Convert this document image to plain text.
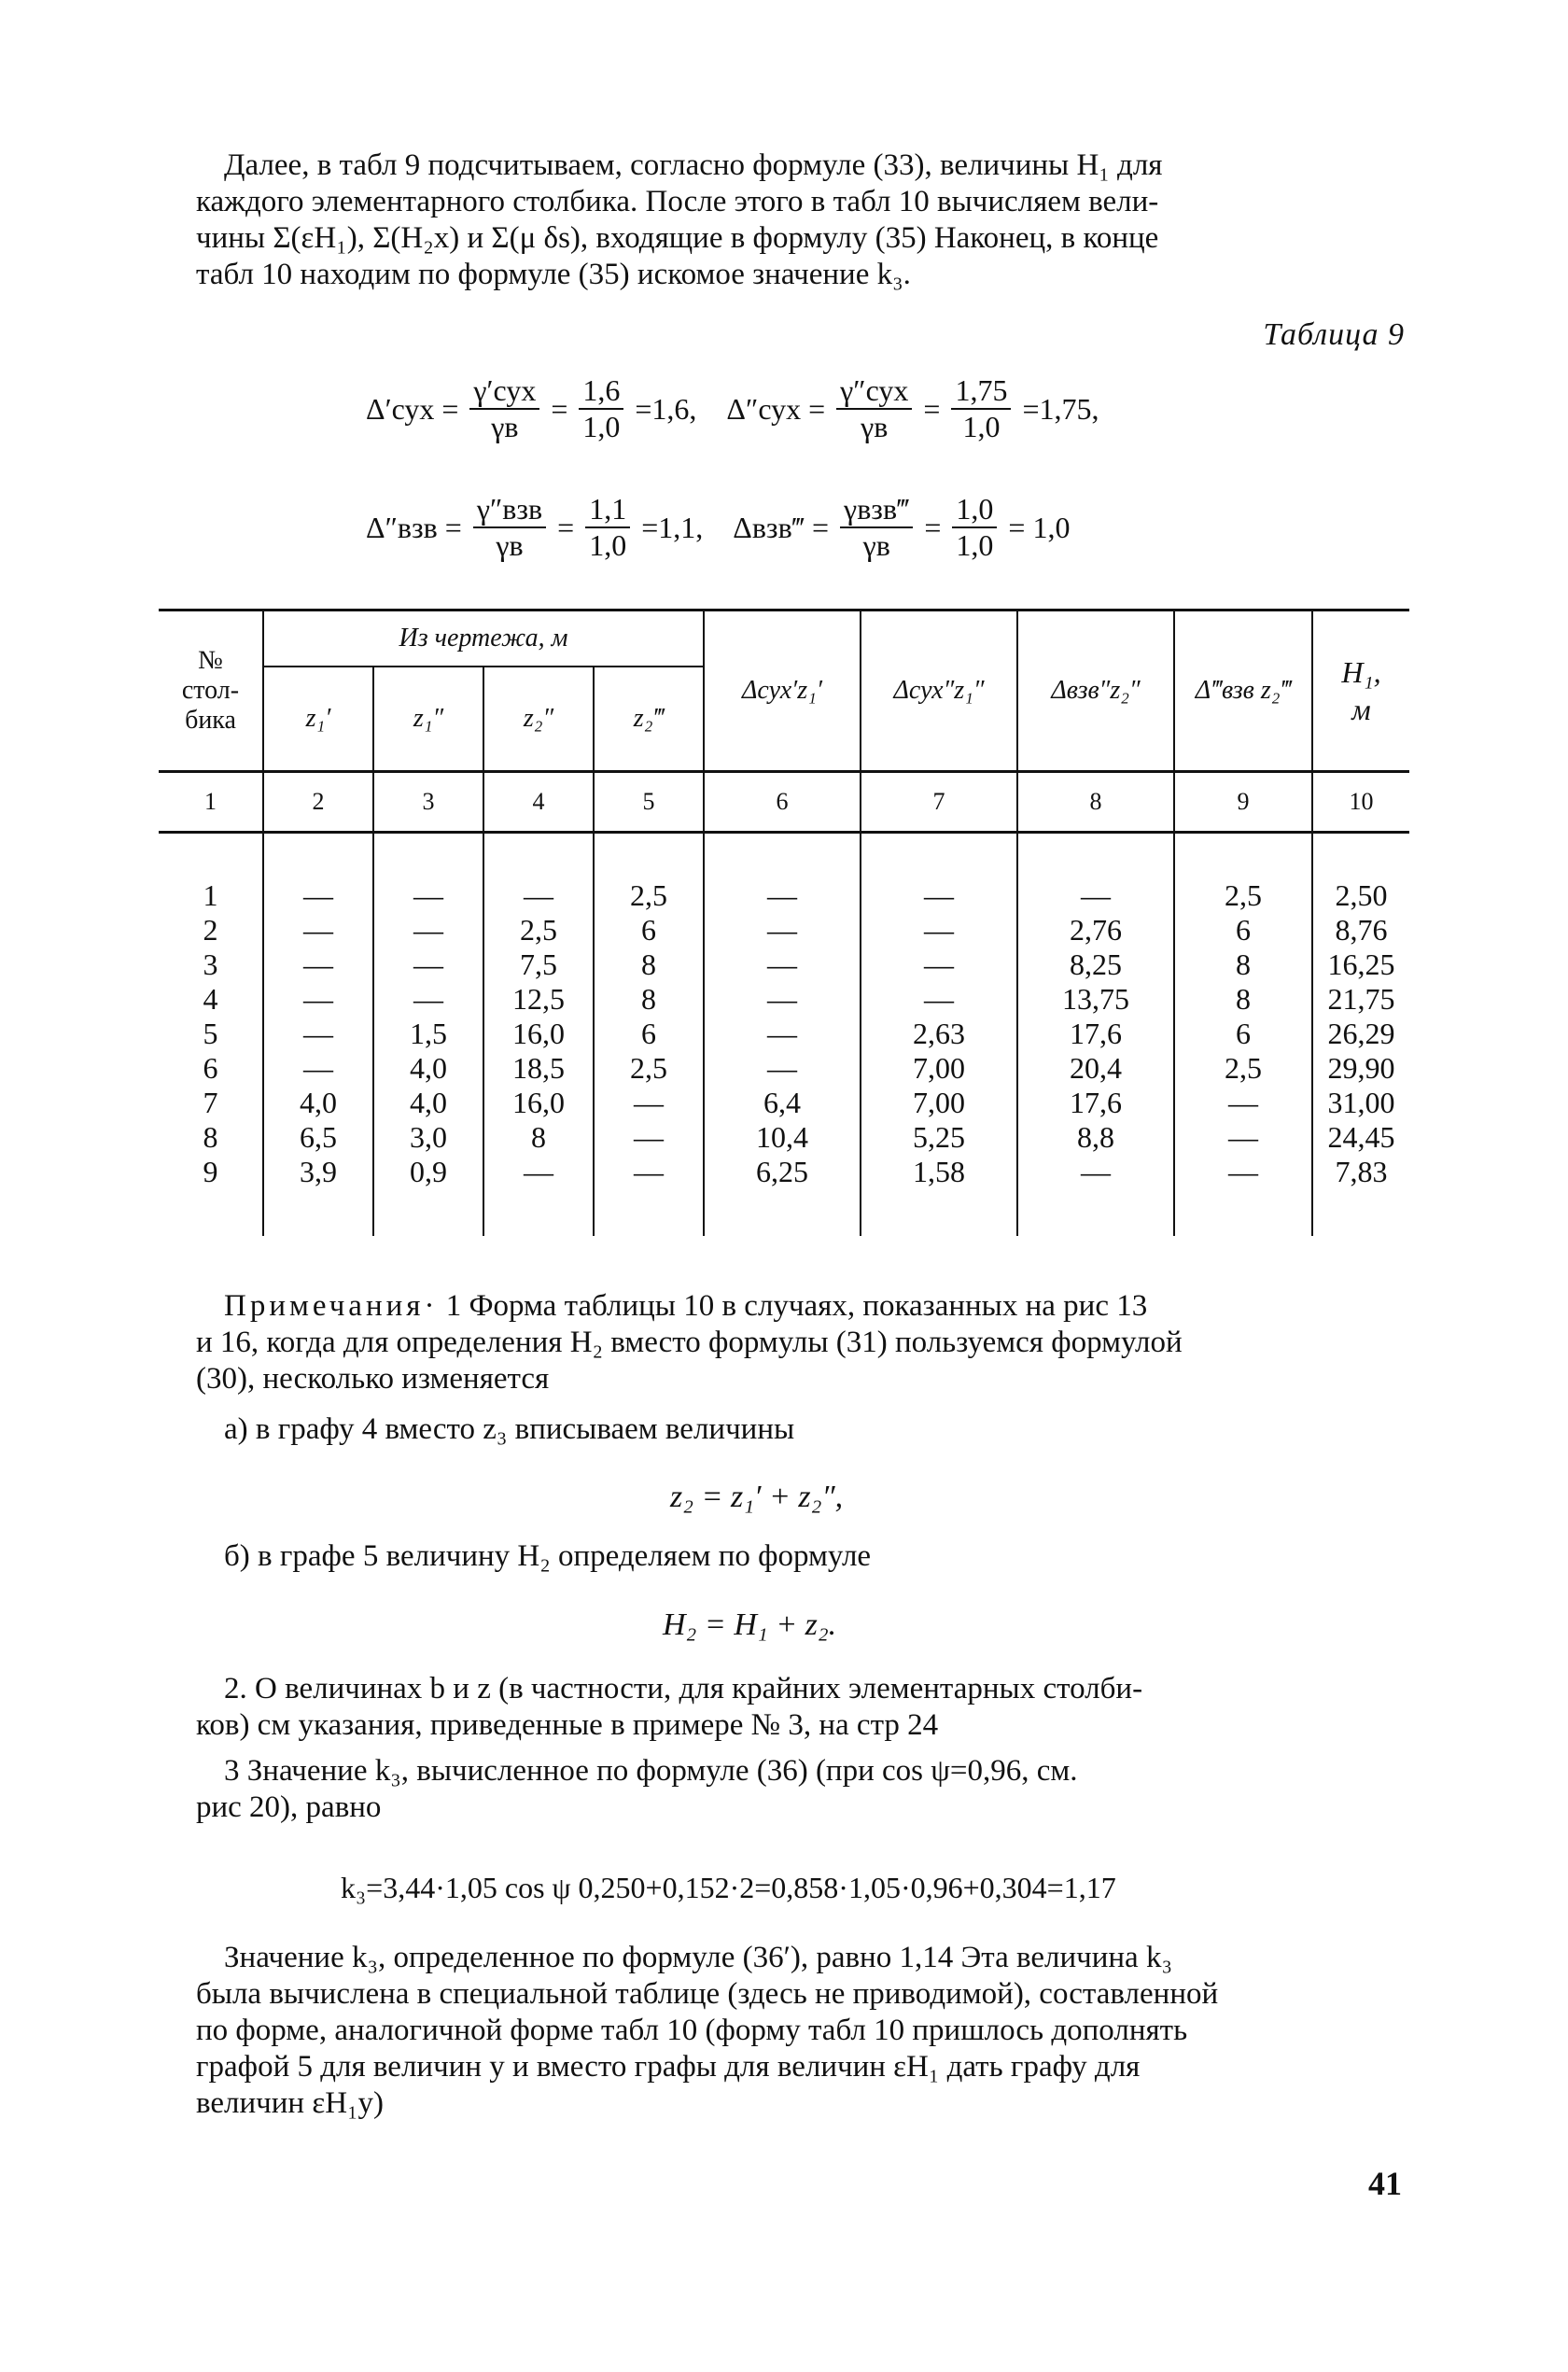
Далее, в табл 9 подсчитываем, согласно формуле (33), величины H₁ для
каждого элементарного столбика. После этого в табл 10 вычисляем вели-
чины Σ(εH₁), Σ(H₂x) и Σ(μ δs), входящие в формулу (35) Наконец, в конце
табл 10 находим по формуле (35) искомое значение k₃.
Таблица 9
$\Delta'сух = \frac{\text{γ′сух}}{\gamma в} = \frac{1,6}{1,0} =1,6$, $\Delta''сух = \frac{\text{γ″сух}}{\gamma в} = \frac{1,75}{1,0} =1,75$,
$\Delta''взв = \frac{\text{γ″взв}}{\gamma в} = \frac{1,1}{1,0} =1,1$, Δвзв‴ = $\frac{\text{γвзв‴}}{\gamma в} = \frac{1,0}{1,0} = 1,0$
№
стол-
бика	Из чертежа, м				Δсух′z₁′	Δсух″z₁″	Δвзв″z₂″	Δ‴взв z₂‴	H₁,
м
	z₁′	z₁″	z₂″	z₂‴					
1	2	3	4	5	6	7	8	9	10
1	—	—	—	2,5	—	—	—	2,5	2,50
2	—	—	2,5	6	—	—	2,76	6	8,76
3	—	—	7,5	8	—	—	8,25	8	16,25
4	—	—	12,5	8	—	—	13,75	8	21,75
5	—	1,5	16,0	6	—	2,63	17,6	6	26,29
6	—	4,0	18,5	2,5	—	7,00	20,4	2,5	29,90
7	4,0	4,0	16,0	—	6,4	7,00	17,6	—	31,00
8	6,5	3,0	8	—	10,4	5,25	8,8	—	24,45
9	3,9	0,9	—	—	6,25	1,58	—	—	7,83
Примечания· 1 Форма таблицы 10 в случаях, показанных на рис 13
и 16, когда для определения H₂ вместо формулы (31) пользуемся формулой
(30), несколько изменяется
а) в графу 4 вместо z₃ вписываем величины
z₂ = z₁′ + z₂″,
б) в графе 5 величину H₂ определяем по формуле
H₂ = H₁ + z₂.
2. О величинах b и z (в частности, для крайних элементарных столби-
ков) см указания, приведенные в примере № 3, на стр 24
3 Значение k₃, вычисленное по формуле (36) (при cos ψ=0,96, см.
рис 20), равно
k₃=3,44·1,05 cos ψ 0,250+0,152·2=0,858·1,05·0,96+0,304=1,17
Значение k₃, определенное по формуле (36′), равно 1,14 Эта величина k₃
была вычислена в специальной таблице (здесь не приводимой), составленной
по форме, аналогичной форме табл 10 (форму табл 10 пришлось дополнять
графой 5 для величин y и вместо графы для величин εH₁ дать графу для
величин εH₁y)
41
